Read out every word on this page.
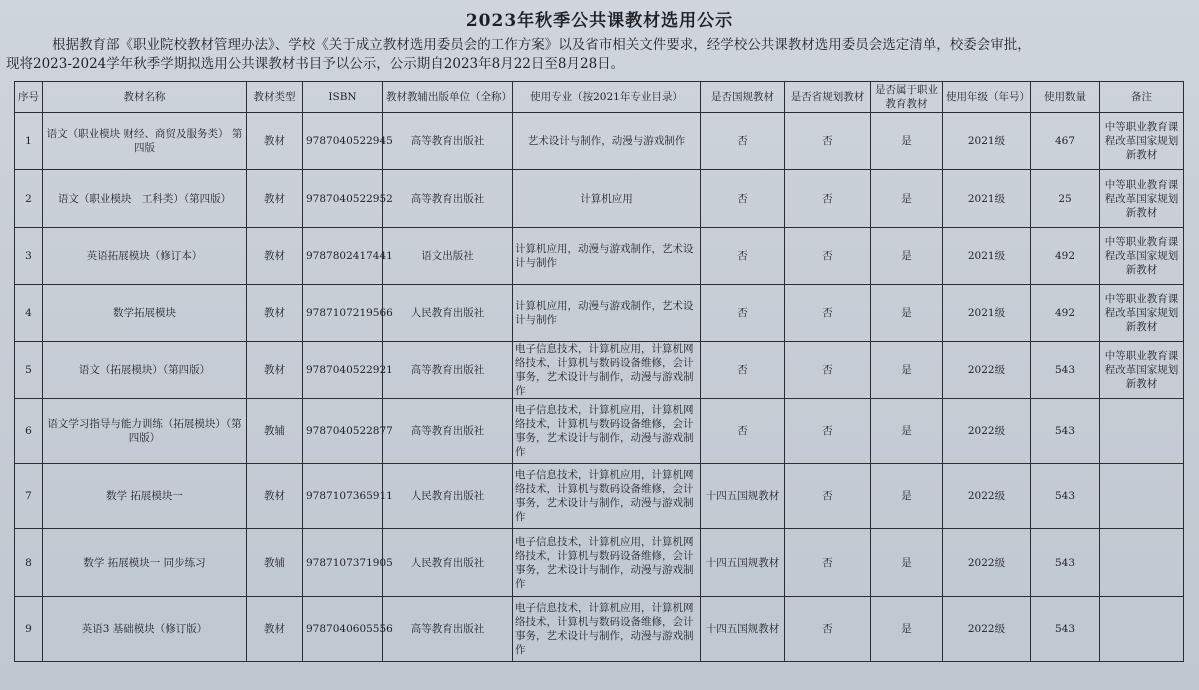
2023年秋季公共课教材选用公示
根据教育部《职业院校教材管理办法》、学校《关于成立教材选用委员会的工作方案》以及省市相关文件要求，经学校公共课教材选用委员会选定清单，校委会审批，
现将2023-2024学年秋季学期拟选用公共课教材书目予以公示，公示期自2023年8月22日至8月28日。
序号	教材名称	教材类型	ISBN	教材教辅出版单位（全称）	使用专业（按2021年专业目录）	是否国规教材	是否省规划教材	是否属于职业教育教材	使用年级（年号）	使用数量	备注
1	语文（职业模块 财经、商贸及服务类） 第四版	教材	9787040522945	高等教育出版社	艺术设计与制作，动漫与游戏制作	否	否	是	2021级	467	中等职业教育课程改革国家规划新教材
2	语文（职业模块　工科类）（第四版）	教材	9787040522952	高等教育出版社	计算机应用	否	否	是	2021级	25	中等职业教育课程改革国家规划新教材
3	英语拓展模块（修订本）	教材	9787802417441	语文出版社	计算机应用，动漫与游戏制作，艺术设计与制作	否	否	是	2021级	492	中等职业教育课程改革国家规划新教材
4	数学拓展模块	教材	9787107219566	人民教育出版社	计算机应用，动漫与游戏制作，艺术设计与制作	否	否	是	2021级	492	中等职业教育课程改革国家规划新教材
5	语文（拓展模块）（第四版）	教材	9787040522921	高等教育出版社	电子信息技术，计算机应用，计算机网络技术，计算机与数码设备维修，会计事务，艺术设计与制作，动漫与游戏制作	否	否	是	2022级	543	中等职业教育课程改革国家规划新教材
6	语文学习指导与能力训练（拓展模块）（第四版）	教辅	9787040522877	高等教育出版社	电子信息技术，计算机应用，计算机网络技术，计算机与数码设备维修，会计事务，艺术设计与制作，动漫与游戏制作	否	否	是	2022级	543	
7	数学 拓展模块一	教材	9787107365911	人民教育出版社	电子信息技术，计算机应用，计算机网络技术，计算机与数码设备维修，会计事务，艺术设计与制作，动漫与游戏制作	十四五国规教材	否	是	2022级	543	
8	数学 拓展模块一 同步练习	教辅	9787107371905	人民教育出版社	电子信息技术，计算机应用，计算机网络技术，计算机与数码设备维修，会计事务，艺术设计与制作，动漫与游戏制作	十四五国规教材	否	是	2022级	543	
9	英语3 基础模块（修订版）	教材	9787040605556	高等教育出版社	电子信息技术，计算机应用，计算机网络技术，计算机与数码设备维修，会计事务，艺术设计与制作，动漫与游戏制作	十四五国规教材	否	是	2022级	543	
